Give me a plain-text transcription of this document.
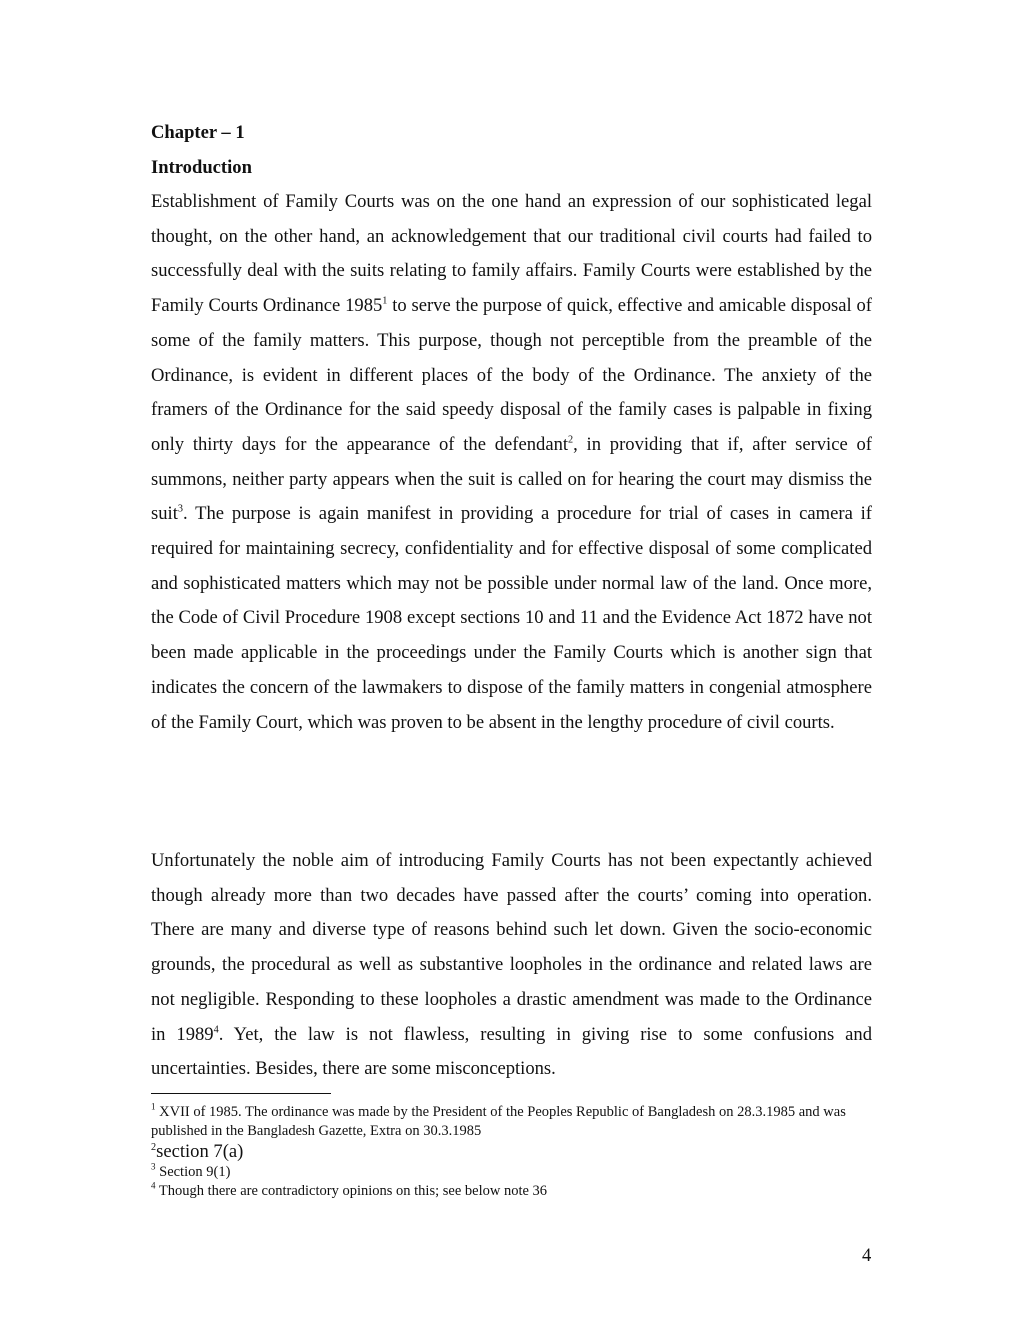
Chapter – 1
Introduction

Establishment of Family Courts was on the one hand an expression of our sophisticated legal thought, on the other hand, an acknowledgement that our traditional civil courts had failed to successfully deal with the suits relating to family affairs. Family Courts were established by the Family Courts Ordinance 1985$^1$ to serve the purpose of quick, effective and amicable disposal of some of the family matters. This purpose, though not perceptible from the preamble of the Ordinance, is evident in different places of the body of the Ordinance. The anxiety of the framers of the Ordinance for the said speedy disposal of the family cases is palpable in fixing only thirty days for the appearance of the defendant$^2$, in providing that if, after service of summons, neither party appears when the suit is called on for hearing the court may dismiss the suit$^3$. The purpose is again manifest in providing a procedure for trial of cases in camera if required for maintaining secrecy, confidentiality and for effective disposal of some complicated and sophisticated matters which may not be possible under normal law of the land. Once more, the Code of Civil Procedure 1908 except sections 10 and 11 and the Evidence Act 1872 have not been made applicable in the proceedings under the Family Courts which is another sign that indicates the concern of the lawmakers to dispose of the family matters in congenial atmosphere of the Family Court, which was proven to be absent in the lengthy procedure of civil courts.

Unfortunately the noble aim of introducing Family Courts has not been expectantly achieved though already more than two decades have passed after the courts’ coming into operation. There are many and diverse type of reasons behind such let down. Given the socio-economic grounds, the procedural as well as substantive loopholes in the ordinance and related laws are not negligible. Responding to these loopholes a drastic amendment was made to the Ordinance in 1989$^4$. Yet, the law is not flawless, resulting in giving rise to some confusions and uncertainties. Besides, there are some misconceptions.

$^1$ XVII of 1985. The ordinance was made by the President of the Peoples Republic of Bangladesh on 28.3.1985 and was published in the Bangladesh Gazette, Extra on 30.3.1985

$^2$section 7(a)

$^3$ Section 9(1)

$^4$ Though there are contradictory opinions on this; see below note 36

4
